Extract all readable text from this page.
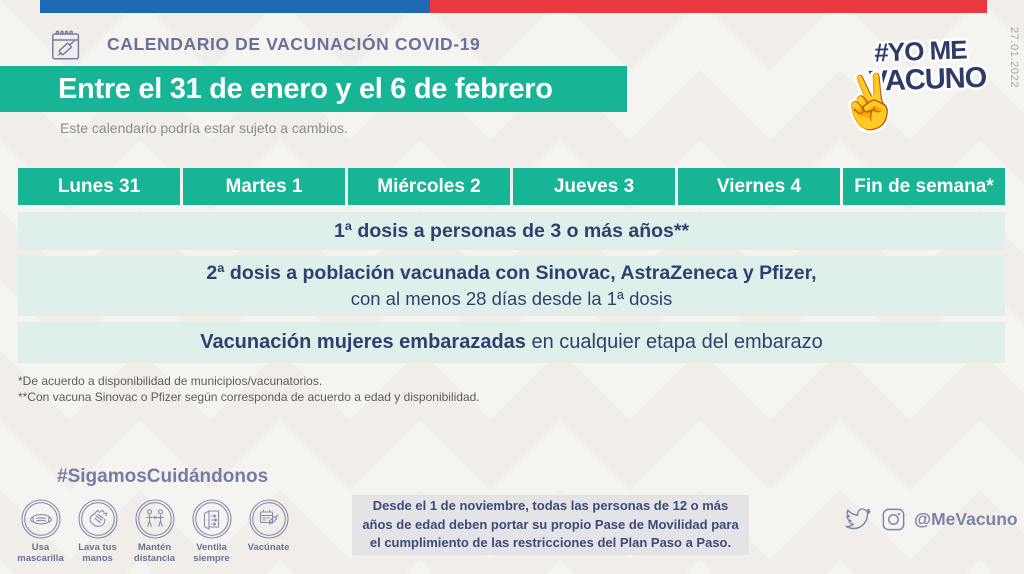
CALENDARIO DE VACUNACIÓN COVID-19
Entre el 31 de enero y el 6 de febrero
Este calendario podría estar sujeto a cambios.
Lunes 31	Martes 1	Miércoles 2	Jueves 3	Viernes 4	Fin de semana*
1ª dosis a personas de 3 o más años**
2ª dosis a población vacunada con Sinovac, AstraZeneca y Pfizer,
con al menos 28 días desde la 1ª dosis
Vacunación mujeres embarazadas en cualquier etapa del embarazo
*De acuerdo a disponibilidad de municipios/vacunatorios.
**Con vacuna Sinovac o Pfizer según corresponda de acuerdo a edad y disponibilidad.
#SigamosCuidándonos
Usa
mascarilla
Lava tus
manos
Mantén
distancia
Ventila
siempre
Vacúnate

Desde el 1 de noviembre, todas las personas de 12 o más años de edad deben portar su propio Pase de Movilidad para el cumplimiento de las restricciones del Plan Paso a Paso.

@MeVacuno
#YO ME
VACUNO
✌
27.01.2022
